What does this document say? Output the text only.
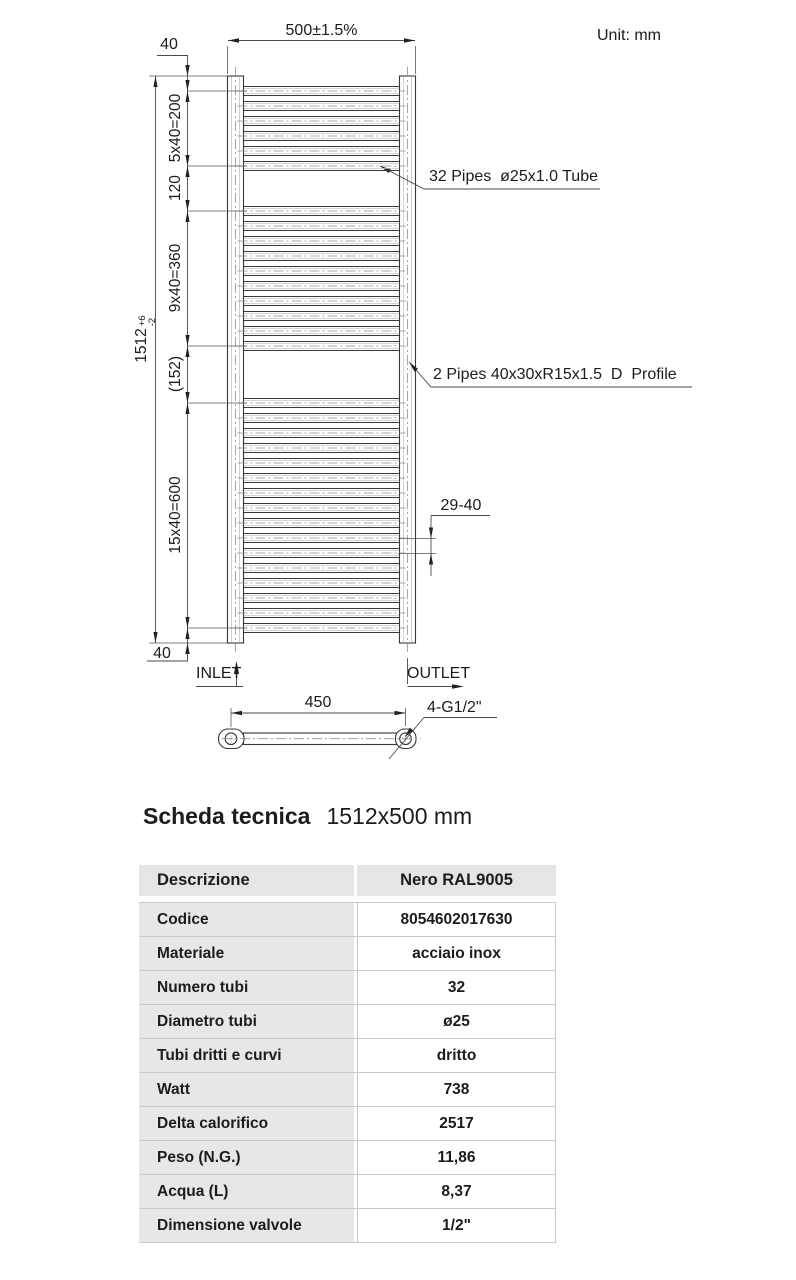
Unit: mm
500±1.5%
40
40
5x40=200
120
9x40=360
(152)
15x40=600

1512
+6
-2

32 Pipes  ø25x1.0 Tube
2 Pipes 40x30xR15x1.5  D  Profile
29-40
INLET	OUTLET
450	4-G1/2"
Scheda tecnica 1512x500 mm
Descrizione	Nero RAL9005
Codice	8054602017630
Materiale	acciaio inox
Numero tubi	32
Diametro tubi	ø25
Tubi dritti e curvi	dritto
Watt	738
Delta calorifico	2517
Peso (N.G.)	11,86
Acqua (L)	8,37
Dimensione valvole	1/2"
